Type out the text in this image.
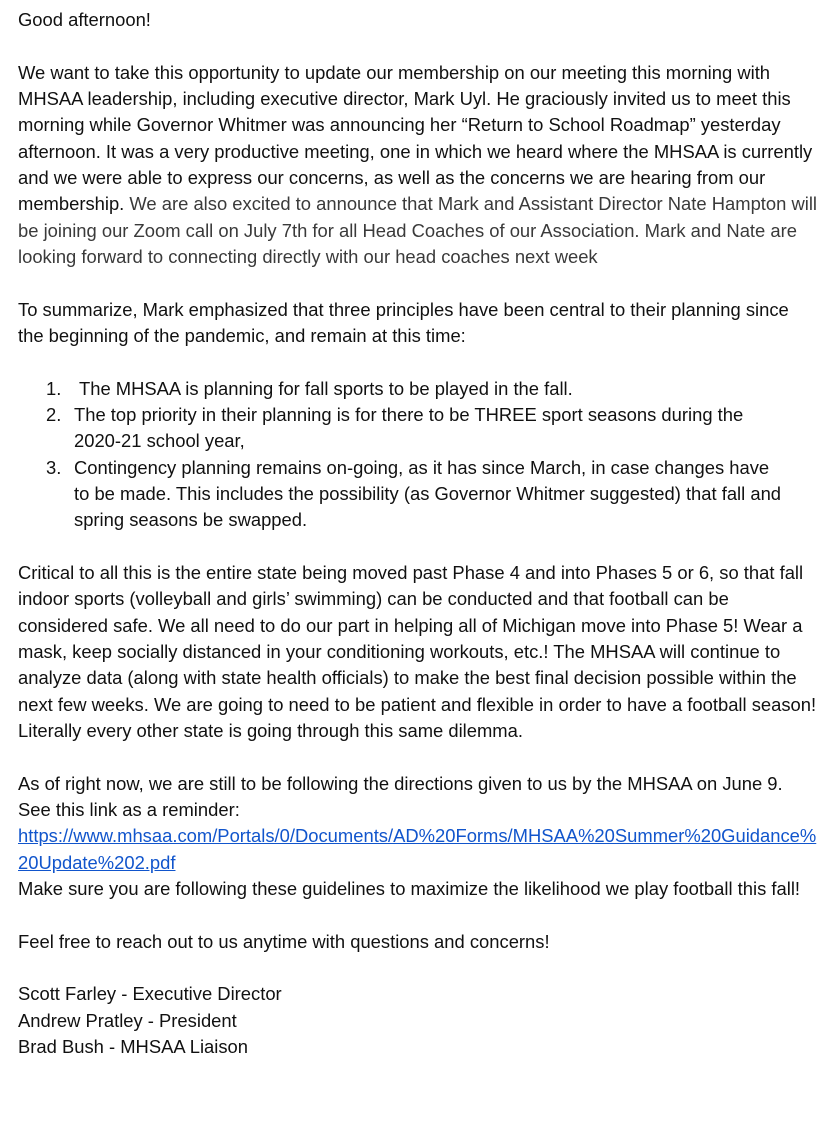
Good afternoon!

We want to take this opportunity to update our membership on our meeting this morning with MHSAA leadership, including executive director, Mark Uyl. He graciously invited us to meet this morning while Governor Whitmer was announcing her “Return to School Roadmap” yesterday afternoon. It was a very productive meeting, one in which we heard where the MHSAA is currently and we were able to express our concerns, as well as the concerns we are hearing from our membership. We are also excited to announce that Mark and Assistant Director Nate Hampton will be joining our Zoom call on July 7th for all Head Coaches of our Association. Mark and Nate are looking forward to connecting directly with our head coaches next week

To summarize, Mark emphasized that three principles have been central to their planning since the beginning of the pandemic, and remain at this time:

1. The MHSAA is planning for fall sports to be played in the fall.
2. The top priority in their planning is for there to be THREE sport seasons during the 2020-21 school year,
3. Contingency planning remains on-going, as it has since March, in case changes have to be made. This includes the possibility (as Governor Whitmer suggested) that fall and spring seasons be swapped.

Critical to all this is the entire state being moved past Phase 4 and into Phases 5 or 6, so that fall indoor sports (volleyball and girls’ swimming) can be conducted and that football can be considered safe. We all need to do our part in helping all of Michigan move into Phase 5! Wear a mask, keep socially distanced in your conditioning workouts, etc.! The MHSAA will continue to analyze data (along with state health officials) to make the best final decision possible within the next few weeks. We are going to need to be patient and flexible in order to have a football season! Literally every other state is going through this same dilemma.

As of right now, we are still to be following the directions given to us by the MHSAA on June 9. See this link as a reminder:

https://www.mhsaa.com/Portals/0/Documents/AD%20Forms/MHSAA%20Summer%20Guidance%20Update%202.pdf

Make sure you are following these guidelines to maximize the likelihood we play football this fall!

Feel free to reach out to us anytime with questions and concerns!

Scott Farley - Executive Director

Andrew Pratley - President

Brad Bush - MHSAA Liaison
